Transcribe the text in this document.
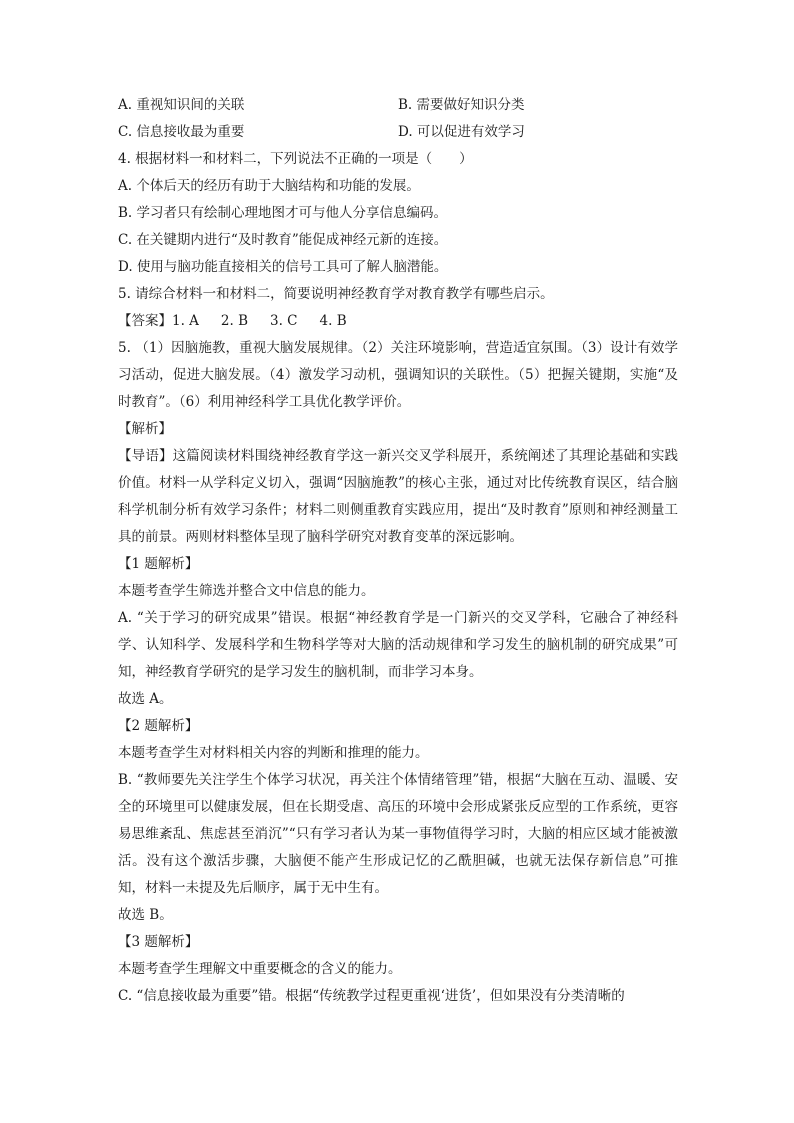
A. 重视知识间的关联	B. 需要做好知识分类
C. 信息接收最为重要	D. 可以促进有效学习
4. 根据材料一和材料二，下列说法不正确的一项是（　　）
A. 个体后天的经历有助于大脑结构和功能的发展。
B. 学习者只有绘制心理地图才可与他人分享信息编码。
C. 在关键期内进行“及时教育”能促成神经元新的连接。
D. 使用与脑功能直接相关的信号工具可了解人脑潜能。
5. 请综合材料一和材料二，简要说明神经教育学对教育教学有哪些启示。
【答案】1. A 2. B 3. C 4. B
5. （1）因脑施教，重视大脑发展规律。（2）关注环境影响，营造适宜氛围。（3）设计有效学习活动，促进大脑发展。（4）激发学习动机，强调知识的关联性。（5）把握关键期，实施“及时教育”。（6）利用神经科学工具优化教学评价。
【解析】
【导语】这篇阅读材料围绕神经教育学这一新兴交叉学科展开，系统阐述了其理论基础和实践价值。材料一从学科定义切入，强调“因脑施教”的核心主张，通过对比传统教育误区，结合脑科学机制分析有效学习条件；材料二则侧重教育实践应用，提出“及时教育”原则和神经测量工具的前景。两则材料整体呈现了脑科学研究对教育变革的深远影响。
【1 题解析】
本题考查学生筛选并整合文中信息的能力。
A. “关于学习的研究成果”错误。根据“神经教育学是一门新兴的交叉学科，它融合了神经科学、认知科学、发展科学和生物科学等对大脑的活动规律和学习发生的脑机制的研究成果”可知，神经教育学研究的是学习发生的脑机制，而非学习本身。
故选 A。
【2 题解析】
本题考查学生对材料相关内容的判断和推理的能力。
B. “教师要先关注学生个体学习状况，再关注个体情绪管理”错，根据“大脑在互动、温暖、安全的环境里可以健康发展，但在长期受虐、高压的环境中会形成紧张反应型的工作系统，更容易思维紊乱、焦虑甚至消沉”“只有学习者认为某一事物值得学习时，大脑的相应区域才能被激活。没有这个激活步骤，大脑便不能产生形成记忆的乙酰胆碱，也就无法保存新信息”可推知，材料一未提及先后顺序，属于无中生有。
故选 B。
【3 题解析】
本题考查学生理解文中重要概念的含义的能力。
C. “信息接收最为重要”错。根据“传统教学过程更重视‘进货’，但如果没有分类清晰的
